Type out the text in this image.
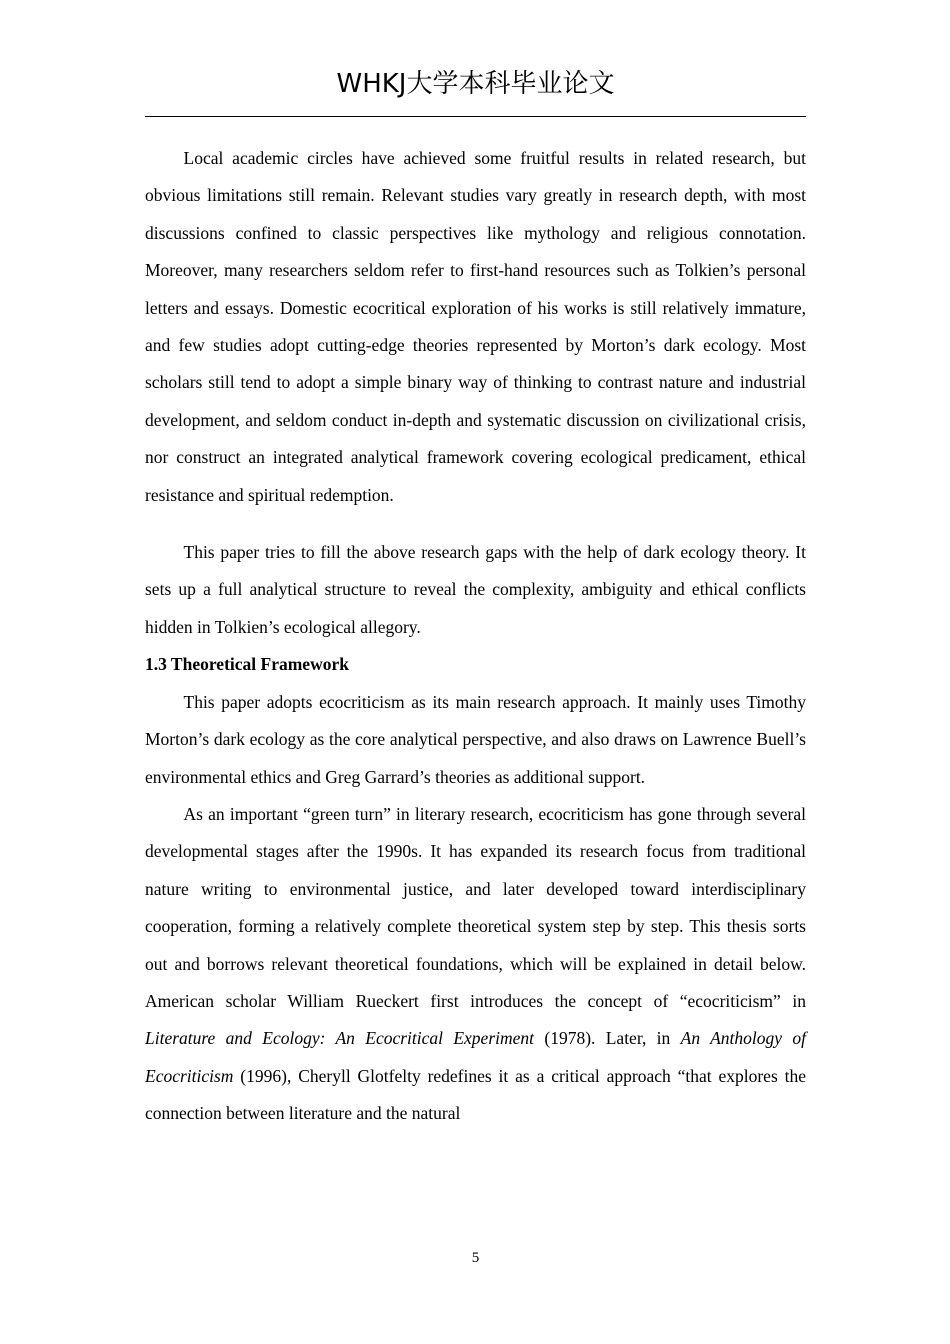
WHKJ大学本科毕业论文

Local academic circles have achieved some fruitful results in related research, but obvious limitations still remain. Relevant studies vary greatly in research depth, with most discussions confined to classic perspectives like mythology and religious connotation. Moreover, many researchers seldom refer to first-hand resources such as Tolkien’s personal letters and essays. Domestic ecocritical exploration of his works is still relatively immature, and few studies adopt cutting-edge theories represented by Morton’s dark ecology. Most scholars still tend to adopt a simple binary way of thinking to contrast nature and industrial development, and seldom conduct in-depth and systematic discussion on civilizational crisis, nor construct an integrated analytical framework covering ecological predicament, ethical resistance and spiritual redemption.

This paper tries to fill the above research gaps with the help of dark ecology theory. It sets up a full analytical structure to reveal the complexity, ambiguity and ethical conflicts hidden in Tolkien’s ecological allegory.

1.3 Theoretical Framework

This paper adopts ecocriticism as its main research approach. It mainly uses Timothy Morton’s dark ecology as the core analytical perspective, and also draws on Lawrence Buell’s environmental ethics and Greg Garrard’s theories as additional support.

As an important “green turn” in literary research, ecocriticism has gone through several developmental stages after the 1990s. It has expanded its research focus from traditional nature writing to environmental justice, and later developed toward interdisciplinary cooperation, forming a relatively complete theoretical system step by step. This thesis sorts out and borrows relevant theoretical foundations, which will be explained in detail below. American scholar William Rueckert first introduces the concept of “ecocriticism” in Literature and Ecology: An Ecocritical Experiment (1978). Later, in An Anthology of Ecocriticism (1996), Cheryll Glotfelty redefines it as a critical approach “that explores the connection between literature and the natural

5
